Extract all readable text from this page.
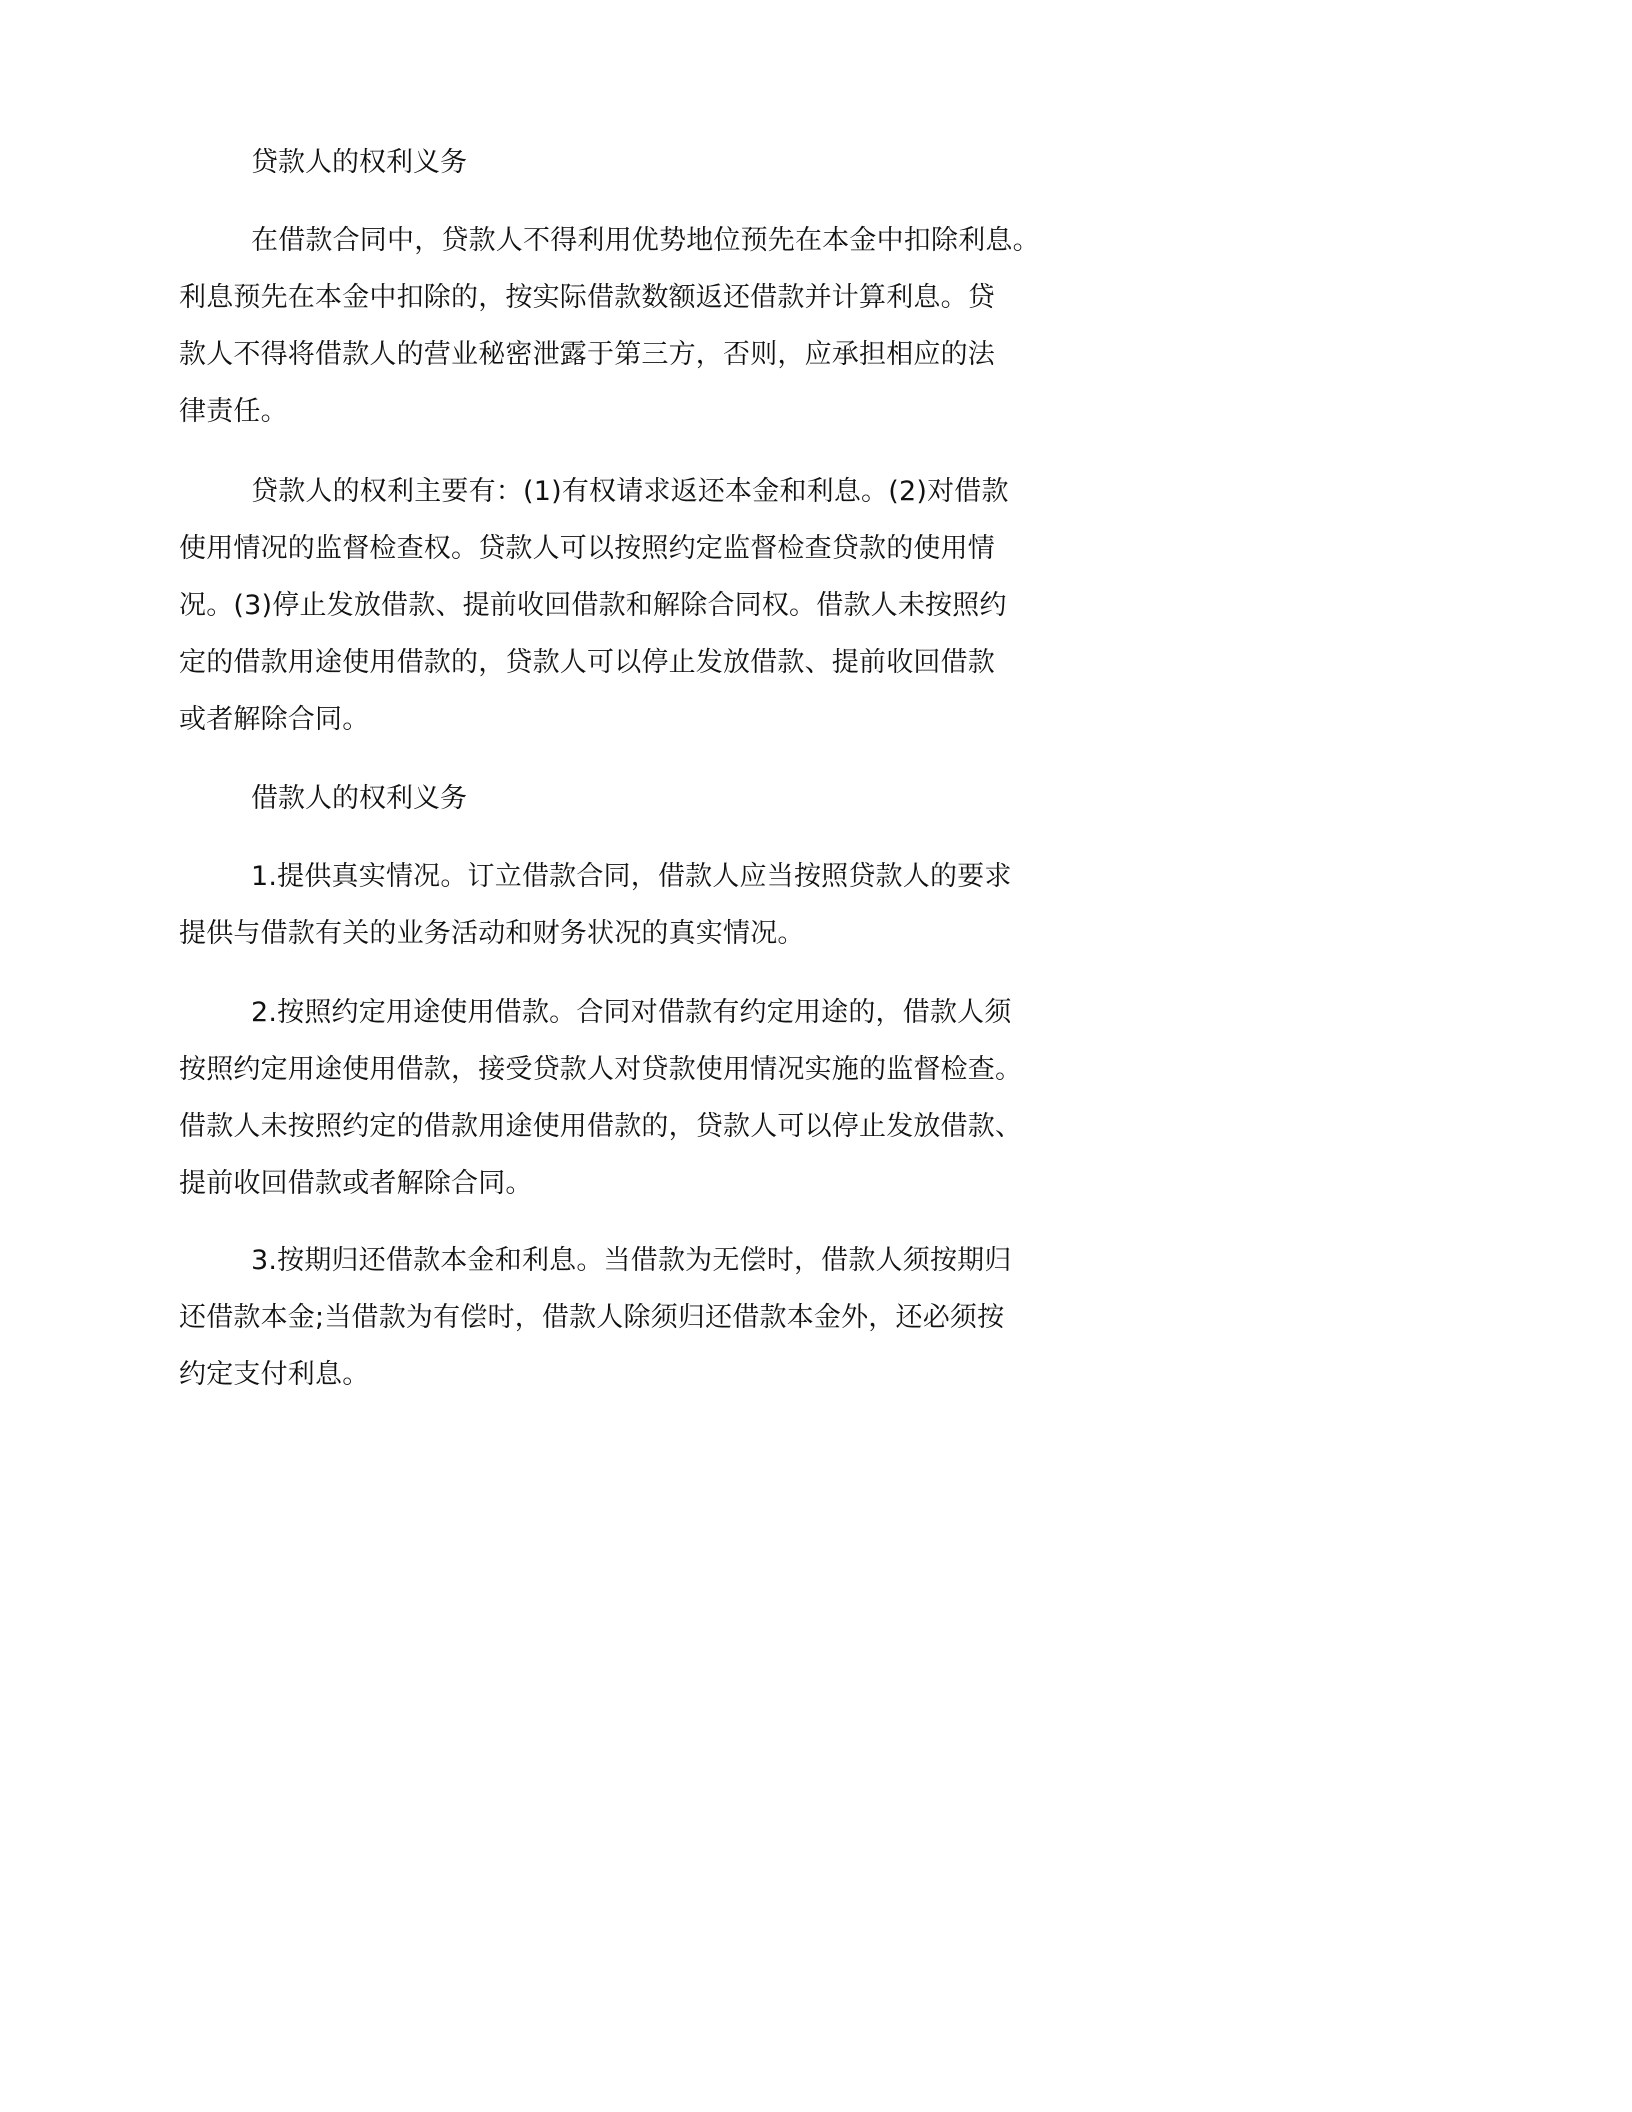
贷款人的权利义务

在借款合同中，贷款人不得利用优势地位预先在本金中扣除利息。
利息预先在本金中扣除的，按实际借款数额返还借款并计算利息。贷
款人不得将借款人的营业秘密泄露于第三方，否则，应承担相应的法
律责任。

贷款人的权利主要有：(1)有权请求返还本金和利息。(2)对借款
使用情况的监督检查权。贷款人可以按照约定监督检查贷款的使用情
况。(3)停止发放借款、提前收回借款和解除合同权。借款人未按照约
定的借款用途使用借款的，贷款人可以停止发放借款、提前收回借款
或者解除合同。

借款人的权利义务

1.提供真实情况。订立借款合同，借款人应当按照贷款人的要求
提供与借款有关的业务活动和财务状况的真实情况。

2.按照约定用途使用借款。合同对借款有约定用途的，借款人须
按照约定用途使用借款，接受贷款人对贷款使用情况实施的监督检查。
借款人未按照约定的借款用途使用借款的，贷款人可以停止发放借款、
提前收回借款或者解除合同。

3.按期归还借款本金和利息。当借款为无偿时，借款人须按期归
还借款本金;当借款为有偿时，借款人除须归还借款本金外，还必须按
约定支付利息。
